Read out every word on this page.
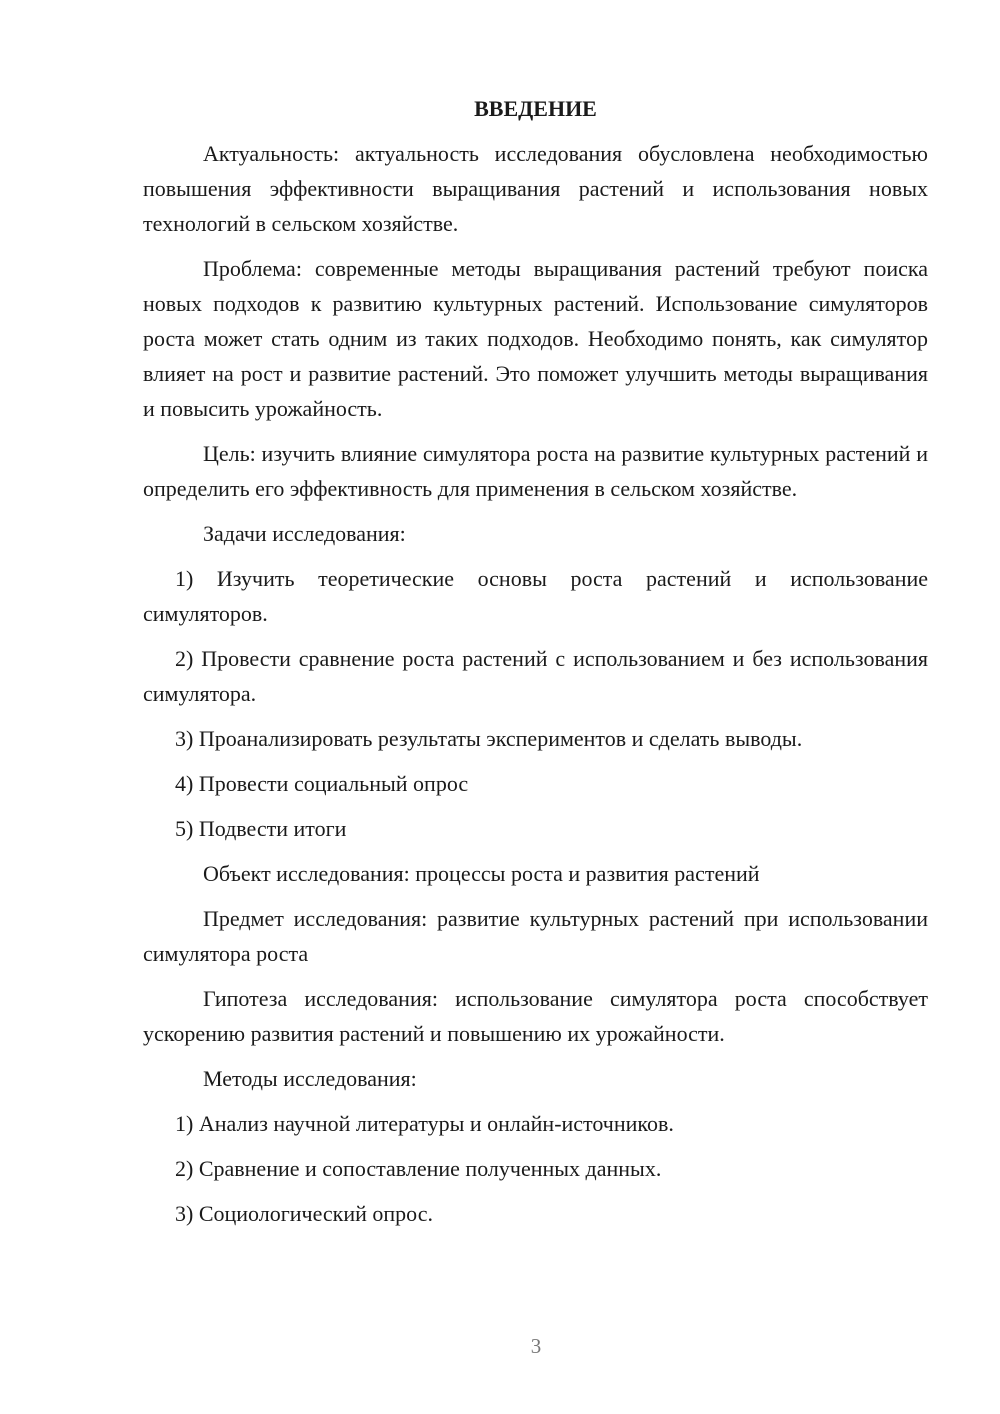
ВВЕДЕНИЕ

Актуальность: актуальность исследования обусловлена необходимостью повышения эффективности выращивания растений и использования новых технологий в сельском хозяйстве.

Проблема: современные методы выращивания растений требуют поиска новых подходов к развитию культурных растений. Использование симуляторов роста может стать одним из таких подходов. Необходимо понять, как симулятор влияет на рост и развитие растений. Это поможет улучшить методы выращивания и повысить урожайность.

Цель: изучить влияние симулятора роста на развитие культурных растений и определить его эффективность для применения в сельском хозяйстве.

Задачи исследования:

1) Изучить теоретические основы роста растений и использование симуляторов.

2) Провести сравнение роста растений с использованием и без использования симулятора.

3) Проанализировать результаты экспериментов и сделать выводы.

4) Провести социальный опрос

5) Подвести итоги

Объект исследования: процессы роста и развития растений

Предмет исследования: развитие культурных растений при использовании симулятора роста

Гипотеза исследования: использование симулятора роста способствует ускорению развития растений и повышению их урожайности.

Методы исследования:

1) Анализ научной литературы и онлайн-источников.

2) Сравнение и сопоставление полученных данных.

3) Социологический опрос.

3
